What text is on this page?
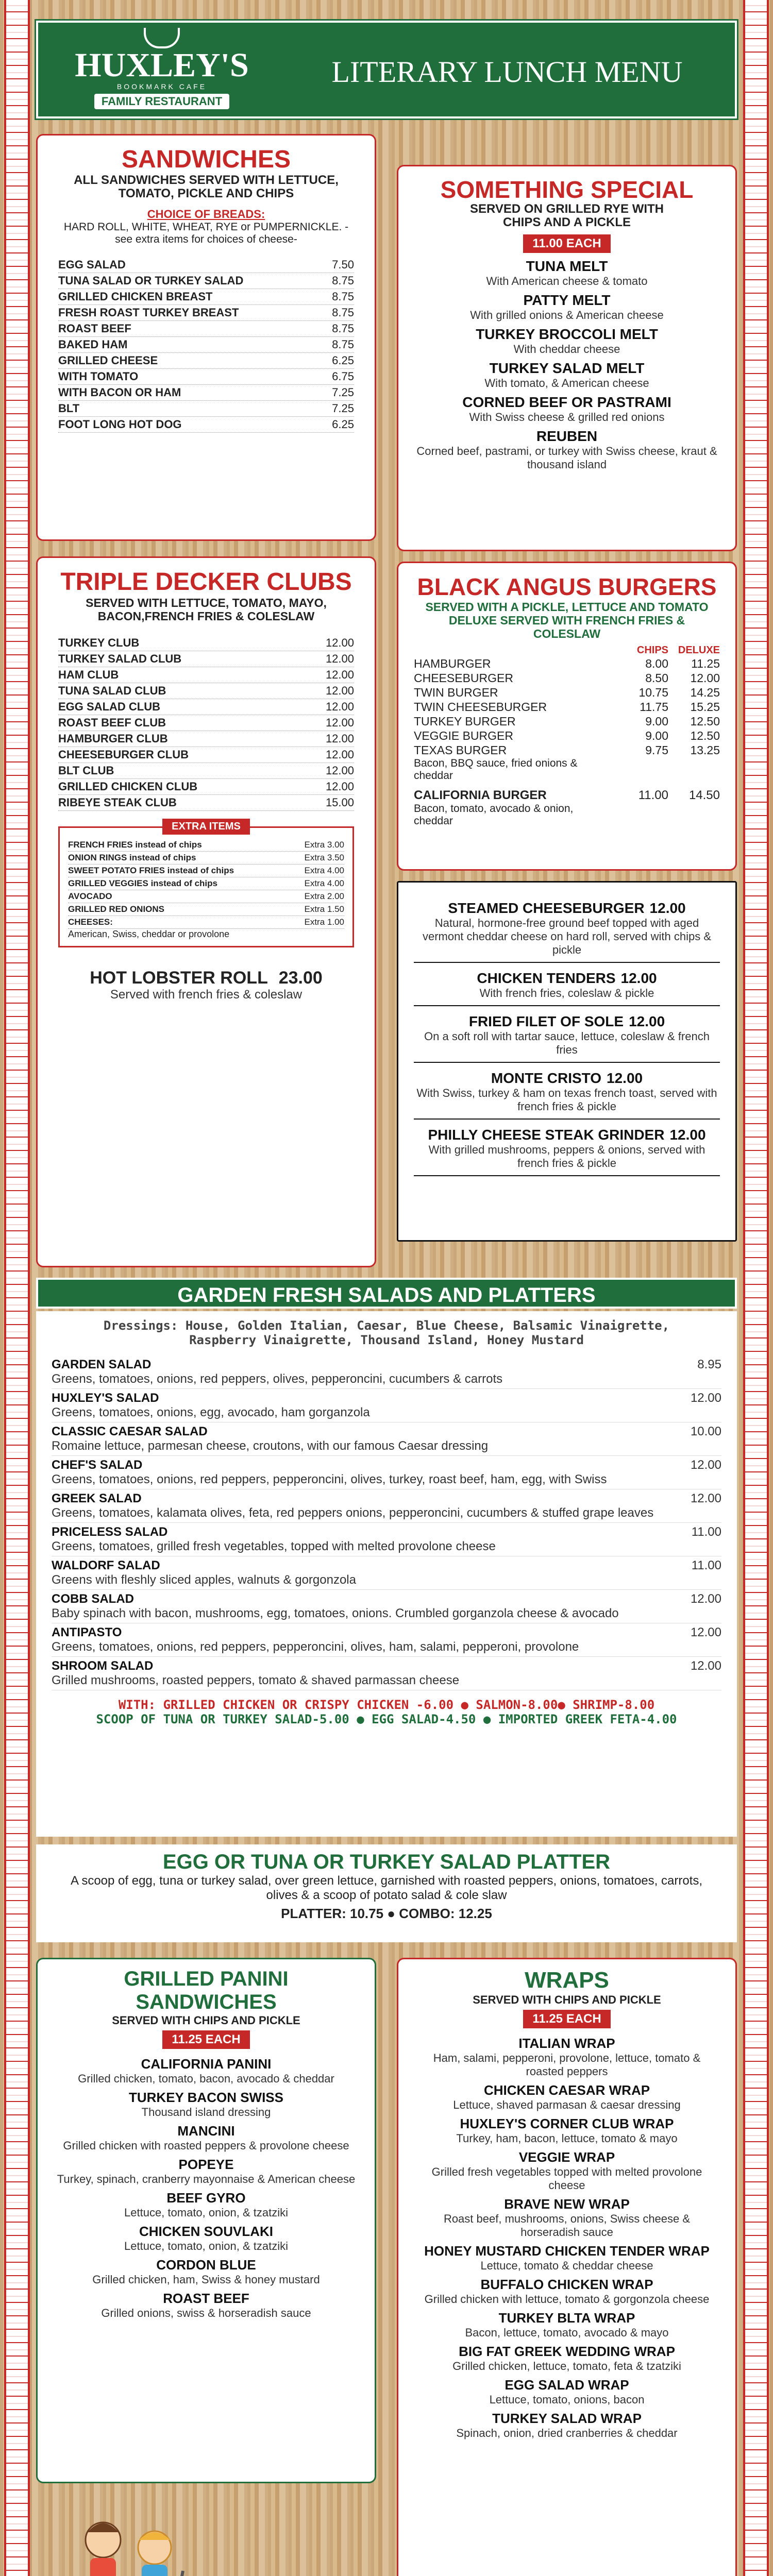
HUXLEY'S
BOOKMARK CAFE
FAMILY RESTAURANT
LITERARY LUNCH MENU
SANDWICHES
ALL SANDWICHES SERVED WITH LETTUCE, TOMATO, PICKLE AND CHIPS
CHOICE OF BREADS:
HARD ROLL, WHITE, WHEAT, RYE or PUMPERNICKLE. -see extra items for choices of cheese-
EGG SALAD	7.50
TUNA SALAD OR TURKEY SALAD	8.75
GRILLED CHICKEN BREAST	8.75
FRESH ROAST TURKEY BREAST	8.75
ROAST BEEF	8.75
BAKED HAM	8.75
GRILLED CHEESE	6.25
WITH TOMATO	6.75
WITH BACON OR HAM	7.25
BLT	7.25
FOOT LONG HOT DOG	6.25
SOMETHING SPECIAL
SERVED ON GRILLED RYE WITH CHIPS AND A PICKLE
11.00 EACH
TUNA MELT
With American cheese & tomato
PATTY MELT
With grilled onions & American cheese
TURKEY BROCCOLI MELT
With cheddar cheese
TURKEY SALAD MELT
With tomato, & American cheese
CORNED BEEF OR PASTRAMI
With Swiss cheese & grilled red onions
REUBEN
Corned beef, pastrami, or turkey with Swiss cheese, kraut & thousand island
TRIPLE DECKER CLUBS
SERVED WITH LETTUCE, TOMATO, MAYO, BACON,FRENCH FRIES & COLESLAW
TURKEY CLUB	12.00
TURKEY SALAD CLUB	12.00
HAM CLUB	12.00
TUNA SALAD CLUB	12.00
EGG SALAD CLUB	12.00
ROAST BEEF CLUB	12.00
HAMBURGER CLUB	12.00
CHEESEBURGER CLUB	12.00
BLT CLUB	12.00
GRILLED CHICKEN CLUB	12.00
RIBEYE STEAK CLUB	15.00
EXTRA ITEMS
FRENCH FRIES instead of chips	Extra 3.00
ONION RINGS instead of chips	Extra 3.50
SWEET POTATO FRIES instead of chips	Extra 4.00
GRILLED VEGGIES instead of chips	Extra 4.00
AVOCADO	Extra 2.00
GRILLED RED ONIONS	Extra 1.50
CHEESES:	Extra 1.00
American, Swiss, cheddar or provolone
HOT LOBSTER ROLL 23.00
Served with french fries & coleslaw
BLACK ANGUS BURGERS
SERVED WITH A PICKLE, LETTUCE AND TOMATO
DELUXE SERVED WITH FRENCH FRIES & COLESLAW
CHIPS DELUXE
HAMBURGER	8.00	11.25
CHEESEBURGER	8.50	12.00
TWIN BURGER	10.75	14.25
TWIN CHEESEBURGER	11.75	15.25
TURKEY BURGER	9.00	12.50
VEGGIE BURGER	9.00	12.50
TEXAS BURGER	9.75	13.25
Bacon, BBQ sauce, fried onions & cheddar
CALIFORNIA BURGER	11.00	14.50
Bacon, tomato, avocado & onion, cheddar
STEAMED CHEESEBURGER 12.00
Natural, hormone-free ground beef topped with aged vermont cheddar cheese on hard roll, served with chips & pickle
CHICKEN TENDERS 12.00
With french fries, coleslaw & pickle
FRIED FILET OF SOLE 12.00
On a soft roll with tartar sauce, lettuce, coleslaw & french fries
MONTE CRISTO 12.00
With Swiss, turkey & ham on texas french toast, served with french fries & pickle
PHILLY CHEESE STEAK GRINDER 12.00
With grilled mushrooms, peppers & onions, served with french fries & pickle
GARDEN FRESH SALADS AND PLATTERS
Dressings: House, Golden Italian, Caesar, Blue Cheese, Balsamic Vinaigrette, Raspberry Vinaigrette, Thousand Island, Honey Mustard
GARDEN SALAD	8.95
Greens, tomatoes, onions, red peppers, olives, pepperoncini, cucumbers & carrots
HUXLEY'S SALAD	12.00
Greens, tomatoes, onions, egg, avocado, ham gorganzola
CLASSIC CAESAR SALAD	10.00
Romaine lettuce, parmesan cheese, croutons, with our famous Caesar dressing
CHEF'S SALAD	12.00
Greens, tomatoes, onions, red peppers, pepperoncini, olives, turkey, roast beef, ham, egg, with Swiss
GREEK SALAD	12.00
Greens, tomatoes, kalamata olives, feta, red peppers onions, pepperoncini, cucumbers & stuffed grape leaves
PRICELESS SALAD	11.00
Greens, tomatoes, grilled fresh vegetables, topped with melted provolone cheese
WALDORF SALAD	11.00
Greens with fleshly sliced apples, walnuts & gorgonzola
COBB SALAD	12.00
Baby spinach with bacon, mushrooms, egg, tomatoes, onions. Crumbled gorganzola cheese & avocado
ANTIPASTO	12.00
Greens, tomatoes, onions, red peppers, pepperoncini, olives, ham, salami, pepperoni, provolone
SHROOM SALAD	12.00
Grilled mushrooms, roasted peppers, tomato & shaved parmassan cheese
WITH: GRILLED CHICKEN OR CRISPY CHICKEN -6.00 ● SALMON-8.00● SHRIMP-8.00
SCOOP OF TUNA OR TURKEY SALAD-5.00 ● EGG SALAD-4.50 ● IMPORTED GREEK FETA-4.00
EGG OR TUNA OR TURKEY SALAD PLATTER
A scoop of egg, tuna or turkey salad, over green lettuce, garnished with roasted peppers, onions, tomatoes, carrots, olives & a scoop of potato salad & cole slaw
PLATTER: 10.75 ● COMBO: 12.25
GRILLED PANINI SANDWICHES
SERVED WITH CHIPS AND PICKLE
11.25 EACH
CALIFORNIA PANINI
Grilled chicken, tomato, bacon, avocado & cheddar
TURKEY BACON SWISS
Thousand island dressing
MANCINI
Grilled chicken with roasted peppers & provolone cheese
POPEYE
Turkey, spinach, cranberry mayonnaise & American cheese
BEEF GYRO
Lettuce, tomato, onion, & tzatziki
CHICKEN SOUVLAKI
Lettuce, tomato, onion, & tzatziki
CORDON BLUE
Grilled chicken, ham, Swiss & honey mustard
ROAST BEEF
Grilled onions, swiss & horseradish sauce
WRAPS
SERVED WITH CHIPS AND PICKLE
11.25 EACH
ITALIAN WRAP
Ham, salami, pepperoni, provolone, lettuce, tomato & roasted peppers
CHICKEN CAESAR WRAP
Lettuce, shaved parmasan & caesar dressing
HUXLEY'S CORNER CLUB WRAP
Turkey, ham, bacon, lettuce, tomato & mayo
VEGGIE WRAP
Grilled fresh vegetables topped with melted provolone cheese
BRAVE NEW WRAP
Roast beef, mushrooms, onions, Swiss cheese & horseradish sauce
HONEY MUSTARD CHICKEN TENDER WRAP
Lettuce, tomato & cheddar cheese
BUFFALO CHICKEN WRAP
Grilled chicken with lettuce, tomato & gorgonzola cheese
TURKEY BLTA WRAP
Bacon, lettuce, tomato, avocado & mayo
BIG FAT GREEK WEDDING WRAP
Grilled chicken, lettuce, tomato, feta & tzatziki
EGG SALAD WRAP
Lettuce, tomato, onions, bacon
TURKEY SALAD WRAP
Spinach, onion, dried cranberries & cheddar
